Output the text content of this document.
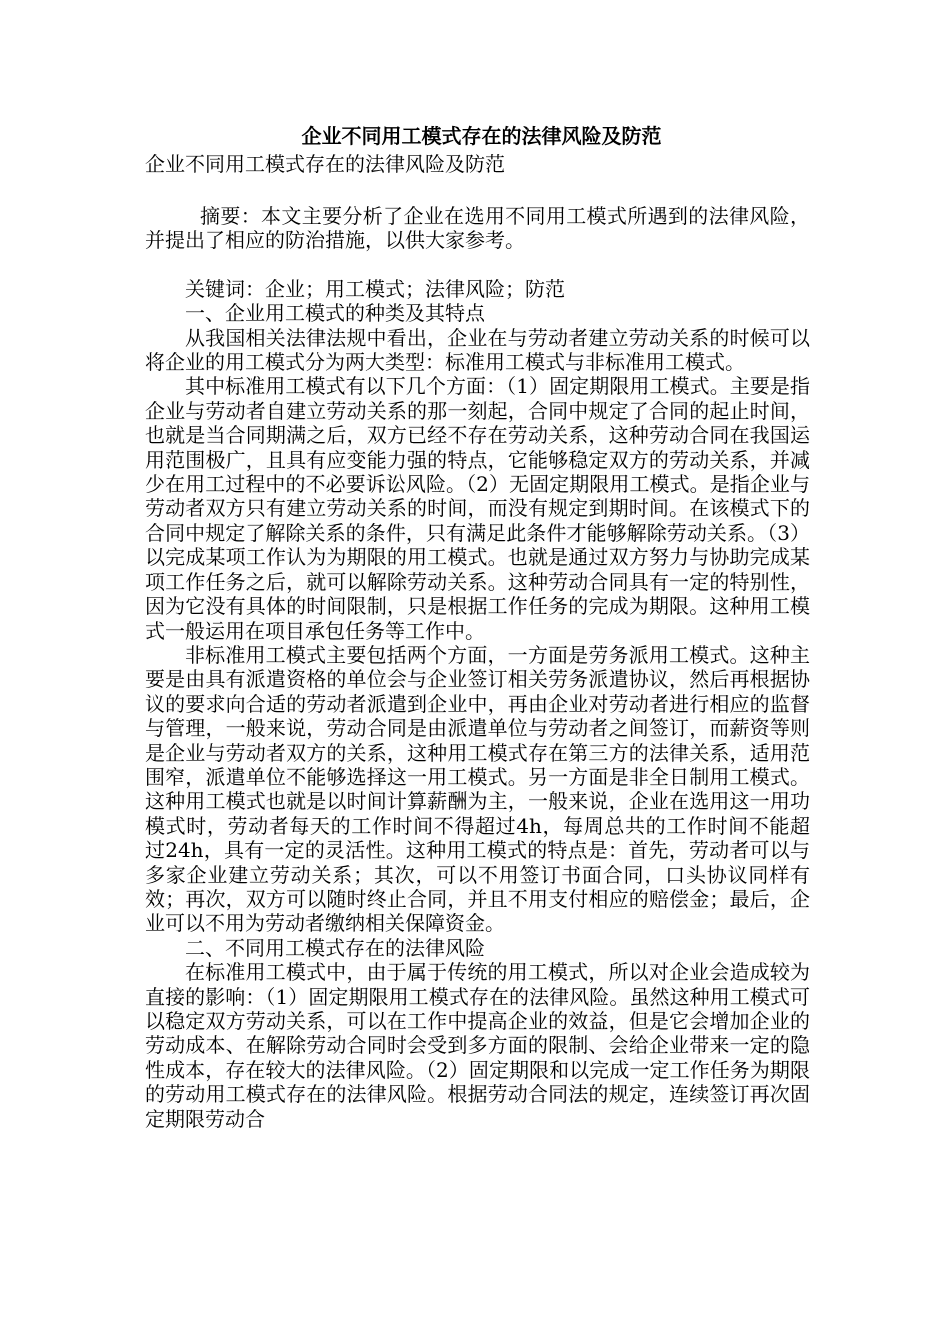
企业不同用工模式存在的法律风险及防范

企业不同用工模式存在的法律风险及防范

摘要：本文主要分析了企业在选用不同用工模式所遇到的法律风险，并提出了相应的防治措施，以供大家参考。

关键词：企业；用工模式；法律风险；防范

一、企业用工模式的种类及其特点

从我国相关法律法规中看出，企业在与劳动者建立劳动关系的时候可以将企业的用工模式分为两大类型：标准用工模式与非标准用工模式。

其中标准用工模式有以下几个方面：（1）固定期限用工模式。主要是指企业与劳动者自建立劳动关系的那一刻起，合同中规定了合同的起止时间，也就是当合同期满之后，双方已经不存在劳动关系，这种劳动合同在我国运用范围极广，且具有应变能力强的特点，它能够稳定双方的劳动关系，并减少在用工过程中的不必要诉讼风险。（2）无固定期限用工模式。是指企业与劳动者双方只有建立劳动关系的时间，而没有规定到期时间。在该模式下的合同中规定了解除关系的条件，只有满足此条件才能够解除劳动关系。（3）以完成某项工作认为为期限的用工模式。也就是通过双方努力与协助完成某项工作任务之后，就可以解除劳动关系。这种劳动合同具有一定的特别性，因为它没有具体的时间限制，只是根据工作任务的完成为期限。这种用工模式一般运用在项目承包任务等工作中。

非标准用工模式主要包括两个方面，一方面是劳务派用工模式。这种主要是由具有派遣资格的单位会与企业签订相关劳务派遣协议，然后再根据协议的要求向合适的劳动者派遣到企业中，再由企业对劳动者进行相应的监督与管理，一般来说，劳动合同是由派遣单位与劳动者之间签订，而薪资等则是企业与劳动者双方的关系，这种用工模式存在第三方的法律关系，适用范围窄，派遣单位不能够选择这一用工模式。另一方面是非全日制用工模式。这种用工模式也就是以时间计算薪酬为主，一般来说，企业在选用这一用功模式时，劳动者每天的工作时间不得超过4h，每周总共的工作时间不能超过24h，具有一定的灵活性。这种用工模式的特点是：首先，劳动者可以与多家企业建立劳动关系；其次，可以不用签订书面合同，口头协议同样有效；再次，双方可以随时终止合同，并且不用支付相应的赔偿金；最后，企业可以不用为劳动者缴纳相关保障资金。

二、不同用工模式存在的法律风险

在标准用工模式中，由于属于传统的用工模式，所以对企业会造成较为直接的影响：（1）固定期限用工模式存在的法律风险。虽然这种用工模式可以稳定双方劳动关系，可以在工作中提高企业的效益，但是它会增加企业的劳动成本、在解除劳动合同时会受到多方面的限制、会给企业带来一定的隐性成本，存在较大的法律风险。（2）固定期限和以完成一定工作任务为期限的劳动用工模式存在的法律风险。根据劳动合同法的规定，连续签订再次固定期限劳动合
